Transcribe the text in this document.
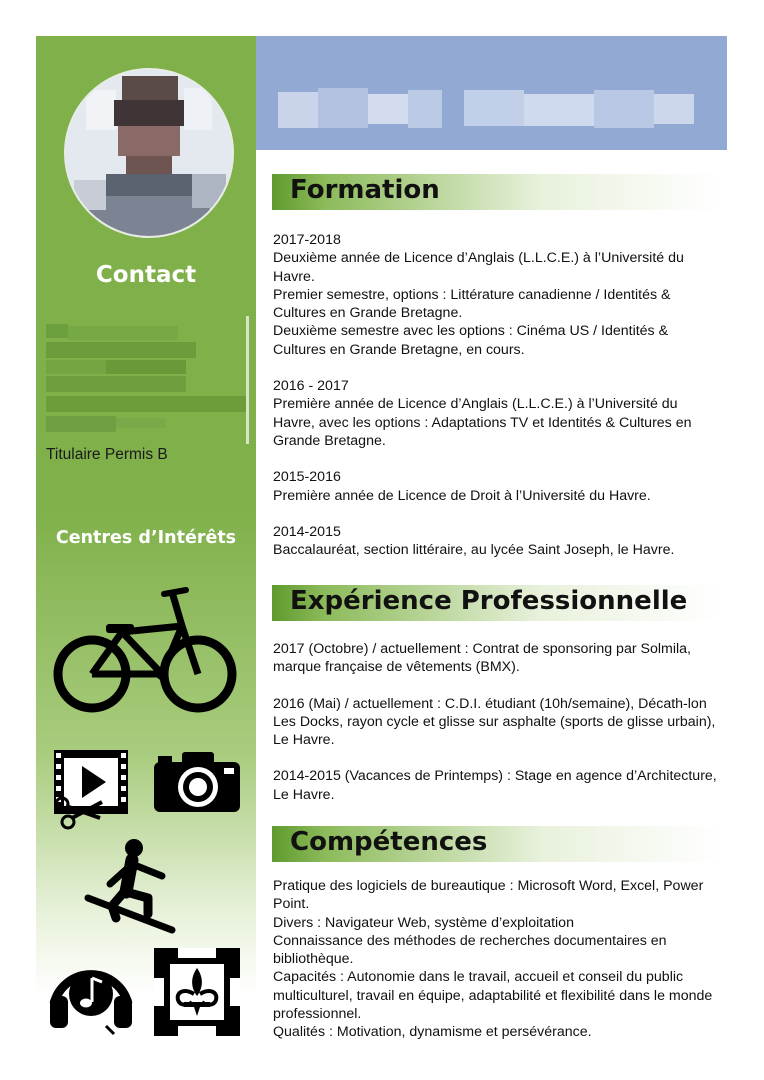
Contact
Titulaire Permis B
Centres d’Intérêts
Formation

2017-2018

Deuxième année de Licence d’Anglais (L.L.C.E.) à l’Université du Havre.

Premier semestre, options : Littérature canadienne / Identités & Cultures en Grande Bretagne.

Deuxième semestre avec les options : Cinéma US / Identités & Cultures en Grande Bretagne, en cours.

2016 - 2017

Première année de Licence d’Anglais (L.L.C.E.) à l’Université du Havre, avec les options : Adaptations TV et Identités & Cultures en Grande Bretagne.

2015-2016

Première année de Licence de Droit à l’Université du Havre.

2014-2015

Baccalauréat, section littéraire, au lycée Saint Joseph, le Havre.

Expérience Professionnelle

2017 (Octobre) / actuellement : Contrat de sponsoring par Solmila, marque française de vêtements (BMX).

2016 (Mai) / actuellement : C.D.I. étudiant (10h/semaine), Décath-lon Les Docks, rayon cycle et glisse sur asphalte (sports de glisse urbain), Le Havre.

2014-2015 (Vacances de Printemps) : Stage en agence d’Architecture, Le Havre.

Compétences

Pratique des logiciels de bureautique : Microsoft Word, Excel, Power Point.

Divers : Navigateur Web, système d’exploitation

Connaissance des méthodes de recherches documentaires en bibliothèque.

Capacités : Autonomie dans le travail, accueil et conseil du public multiculturel, travail en équipe, adaptabilité et flexibilité dans le monde professionnel.

Qualités : Motivation, dynamisme et persévérance.
